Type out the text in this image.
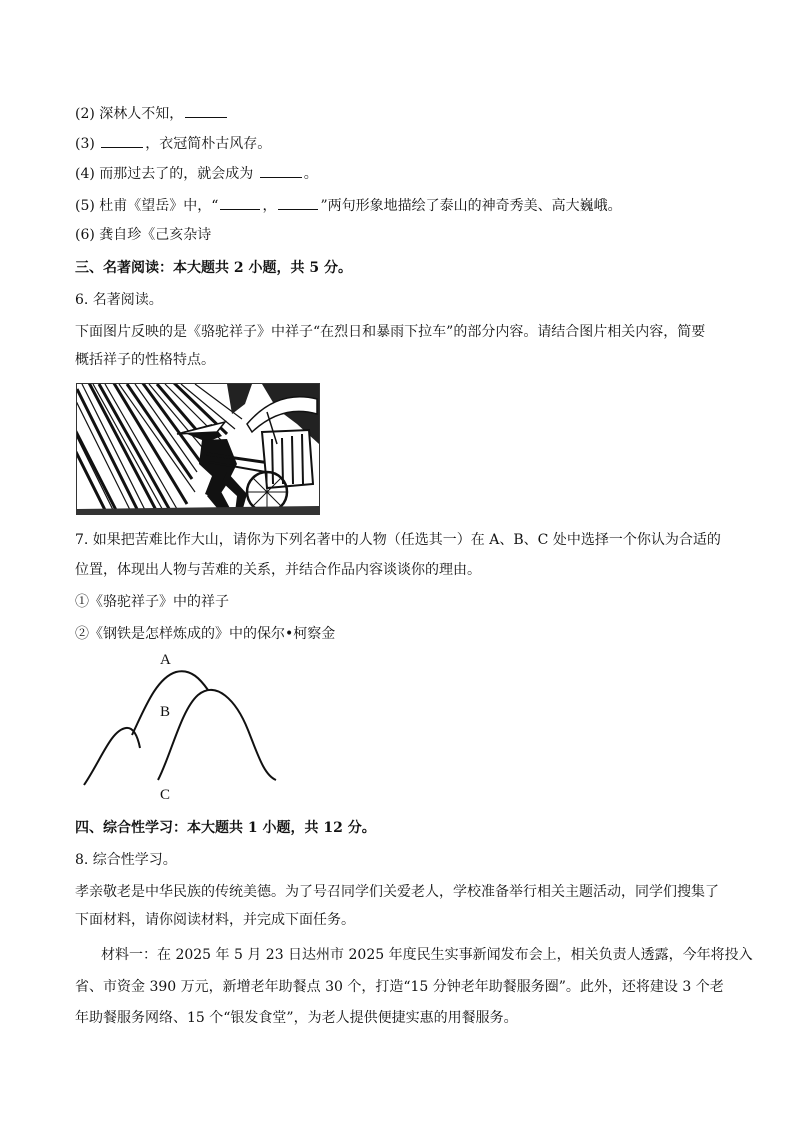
(2) 深林人不知，
(3)	，衣冠简朴古风存。
(4) 而那过去了的，就会成为	。
(5) 杜甫《望岳》中，“	，	”两句形象地描绘了泰山的神奇秀美、高大巍峨。
(6) 龚自珍《己亥杂诗
三、名著阅读：本大题共 2 小题，共 5 分。
6. 名著阅读。
下面图片反映的是《骆驼祥子》中祥子“在烈日和暴雨下拉车”的部分内容。请结合图片相关内容，简要
概括祥子的性格特点。
7. 如果把苦难比作大山，请你为下列名著中的人物（任选其一）在 A、B、C 处中选择一个你认为合适的
位置，体现出人物与苦难的关系，并结合作品内容谈谈你的理由。
①《骆驼祥子》中的祥子
②《钢铁是怎样炼成的》中的保尔•柯察金
A
B
C
四、综合性学习：本大题共 1 小题，共 12 分。
8. 综合性学习。
孝亲敬老是中华民族的传统美德。为了号召同学们关爱老人，学校准备举行相关主题活动，同学们搜集了
下面材料，请你阅读材料，并完成下面任务。
材料一：在 2025 年 5 月 23 日达州市 2025 年度民生实事新闻发布会上，相关负责人透露，今年将投入
省、市资金 390 万元，新增老年助餐点 30 个，打造“15 分钟老年助餐服务圈”。此外，还将建设 3 个老
年助餐服务网络、15 个“银发食堂”，为老人提供便捷实惠的用餐服务。
